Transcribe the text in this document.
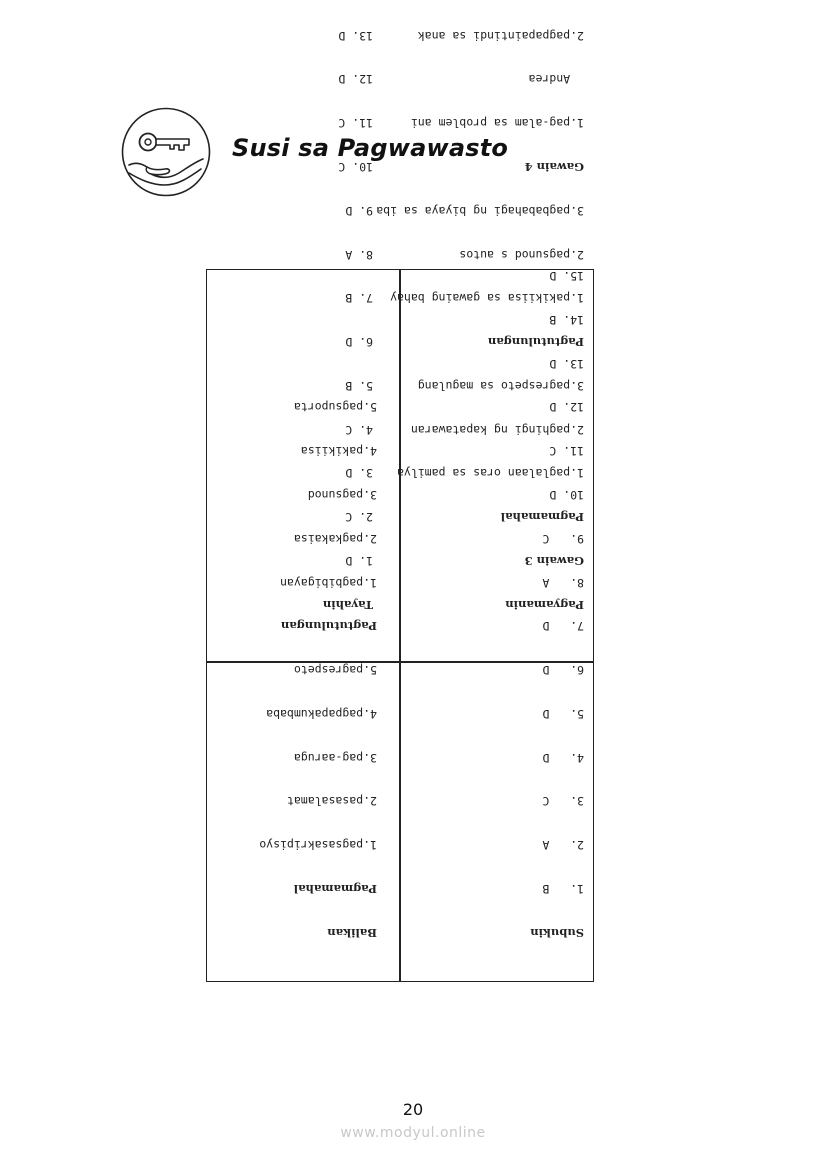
Susi sa Pagwawasto

Tayahin

1. D

2. C

3. D

4. C

5. B

6. D

7. B

8. A

9. D

10. C

11. C

12. D

13. D

Pagyamanin

Gawain 3

Pagmamahal

1.paglalaan oras sa pamilya

2.paghingi ng kapatawaran

3.pagrespeto sa magulang

Pagtutulungan

1.pakikiisa sa gawaing bahay

2.pagsunod s autos

3.pagbabahagi ng biyaya sa iba

Gawain 4

1.pag-alam sa problem ani

Andrea

2.pagpapaintindi sa anak

Balikan

Pagmamahal

1.pagsasakripisyo

2.pasasalamat

3.pag-aaruga

4.pagpapakumbaba

5.pagrespeto

Pagtutulungan

1.pagbibigayan

2.pagkakaisa

3.pagsunod

4.pakikiisa

5.pagsuporta

Subukin

1.   B

2.   A

3.   C

4.   D

5.   D

6.   D

7.   D

8.   A

9.   C

10. D

11. C

12. D

13. D

14. B

15. D

20
www.modyul.online
